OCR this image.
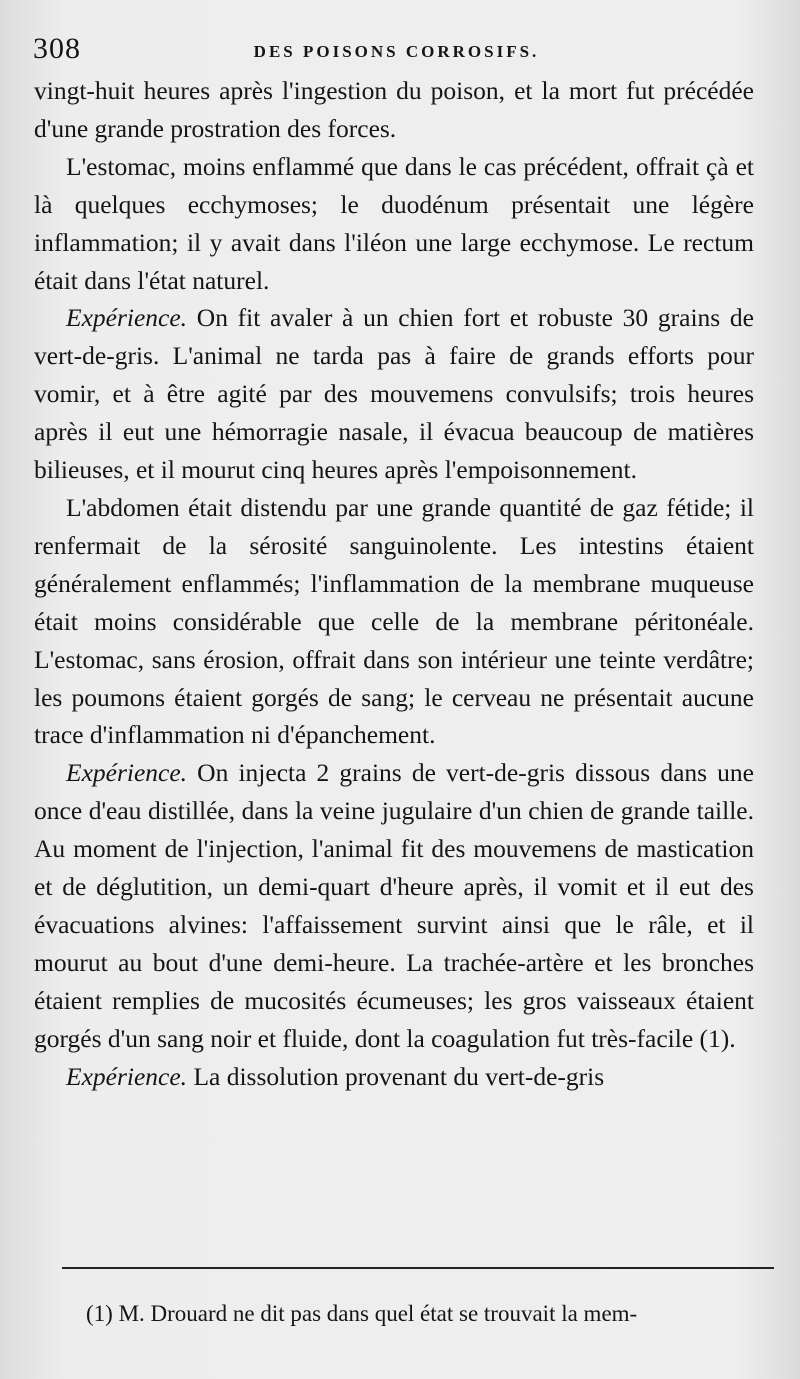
308	DES POISONS CORROSIFS.

vingt-huit heures après l'ingestion du poison, et la mort fut précédée d'une grande prostration des forces.

L'estomac, moins enflammé que dans le cas précédent, offrait çà et là quelques ecchymoses; le duodénum présentait une légère inflammation; il y avait dans l'iléon une large ecchymose. Le rectum était dans l'état naturel.

Expérience. On fit avaler à un chien fort et robuste 30 grains de vert-de-gris. L'animal ne tarda pas à faire de grands efforts pour vomir, et à être agité par des mouvemens convulsifs; trois heures après il eut une hémorragie nasale, il évacua beaucoup de matières bilieuses, et il mourut cinq heures après l'empoisonnement.

L'abdomen était distendu par une grande quantité de gaz fétide; il renfermait de la sérosité sanguinolente. Les intestins étaient généralement enflammés; l'inflammation de la membrane muqueuse était moins considérable que celle de la membrane péritonéale. L'estomac, sans érosion, offrait dans son intérieur une teinte verdâtre; les poumons étaient gorgés de sang; le cerveau ne présentait aucune trace d'inflammation ni d'épanchement.

Expérience. On injecta 2 grains de vert-de-gris dissous dans une once d'eau distillée, dans la veine jugulaire d'un chien de grande taille. Au moment de l'injection, l'animal fit des mouvemens de mastication et de déglutition, un demi-quart d'heure après, il vomit et il eut des évacuations alvines: l'affaissement survint ainsi que le râle, et il mourut au bout d'une demi-heure. La trachée-artère et les bronches étaient remplies de mucosités écumeuses; les gros vaisseaux étaient gorgés d'un sang noir et fluide, dont la coagulation fut très-facile (1).

Expérience. La dissolution provenant du vert-de-gris

(1) M. Drouard ne dit pas dans quel état se trouvait la mem-
